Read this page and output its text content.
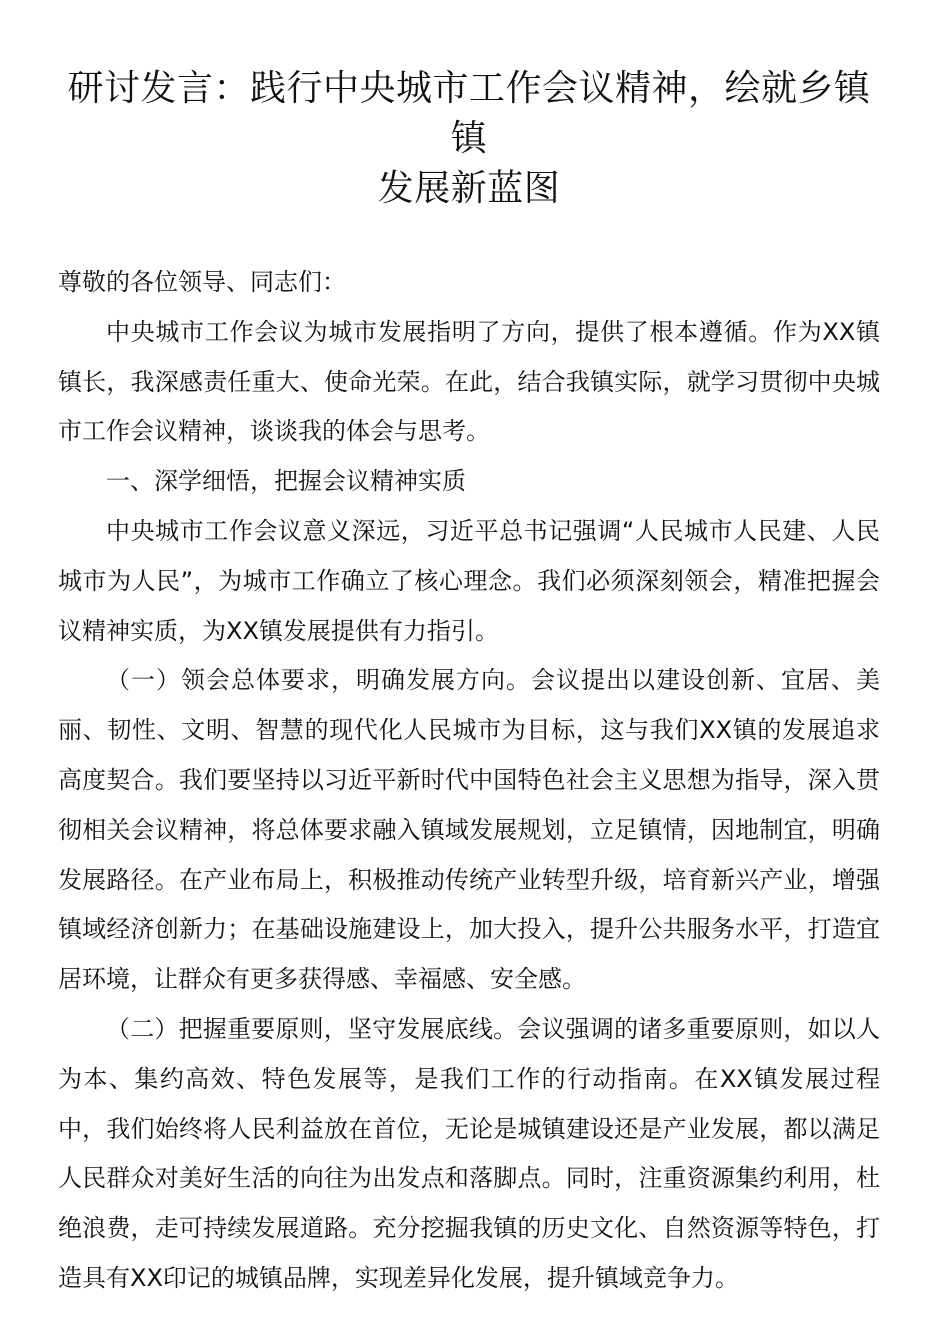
研讨发言：践行中央城市工作会议精神，绘就乡镇镇
发展新蓝图

尊敬的各位领导、同志们：

中央城市工作会议为城市发展指明了方向，提供了根本遵循。作为XX镇镇长，我深感责任重大、使命光荣。在此，结合我镇实际，就学习贯彻中央城市工作会议精神，谈谈我的体会与思考。

一、深学细悟，把握会议精神实质

中央城市工作会议意义深远，习近平总书记强调“人民城市人民建、人民城市为人民”，为城市工作确立了核心理念。我们必须深刻领会，精准把握会议精神实质，为XX镇发展提供有力指引。

（一）领会总体要求，明确发展方向。会议提出以建设创新、宜居、美丽、韧性、文明、智慧的现代化人民城市为目标，这与我们XX镇的发展追求高度契合。我们要坚持以习近平新时代中国特色社会主义思想为指导，深入贯彻相关会议精神，将总体要求融入镇域发展规划，立足镇情，因地制宜，明确发展路径。在产业布局上，积极推动传统产业转型升级，培育新兴产业，增强镇域经济创新力；在基础设施建设上，加大投入，提升公共服务水平，打造宜居环境，让群众有更多获得感、幸福感、安全感。

（二）把握重要原则，坚守发展底线。会议强调的诸多重要原则，如以人为本、集约高效、特色发展等，是我们工作的行动指南。在XX镇发展过程中，我们始终将人民利益放在首位，无论是城镇建设还是产业发展，都以满足人民群众对美好生活的向往为出发点和落脚点。同时，注重资源集约利用，杜绝浪费，走可持续发展道路。充分挖掘我镇的历史文化、自然资源等特色，打造具有XX印记的城镇品牌，实现差异化发展，提升镇域竞争力。
